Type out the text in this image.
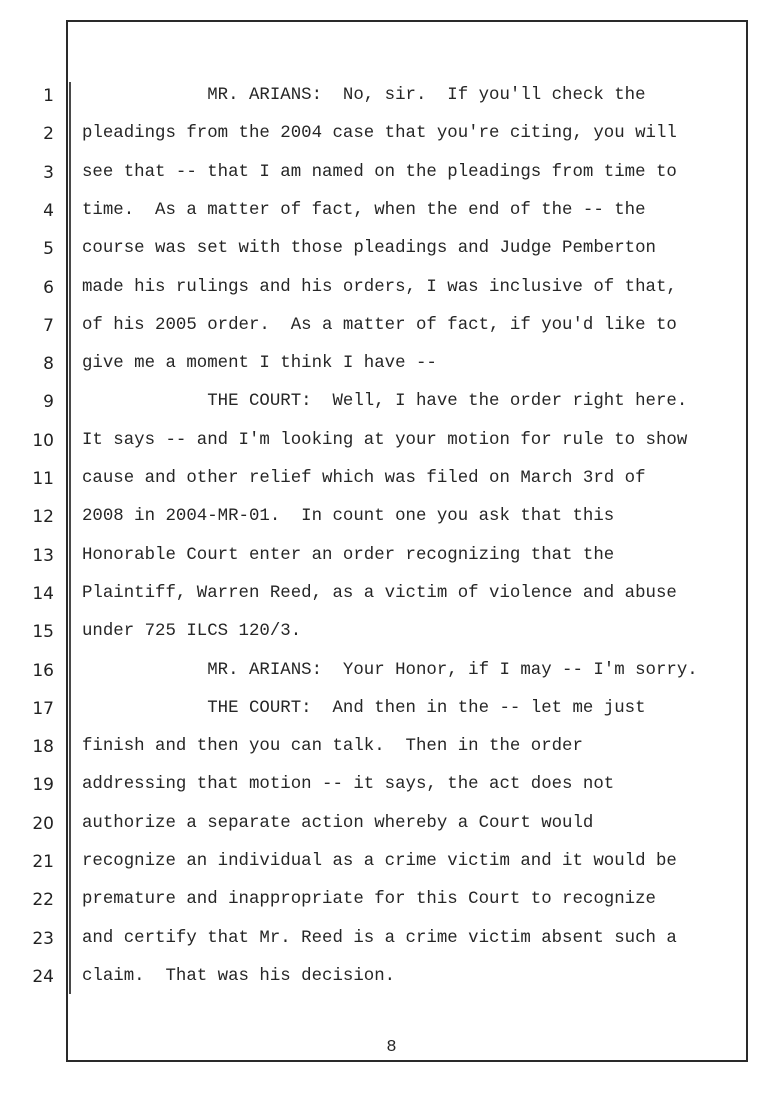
1 MR. ARIANS:  No, sir.  If you'll check the
2 pleadings from the 2004 case that you're citing, you will
3 see that -- that I am named on the pleadings from time to
4 time.  As a matter of fact, when the end of the -- the
5 course was set with those pleadings and Judge Pemberton
6 made his rulings and his orders, I was inclusive of that,
7 of his 2005 order.  As a matter of fact, if you'd like to
8 give me a moment I think I have --
9 THE COURT:  Well, I have the order right here.
10 It says -- and I'm looking at your motion for rule to show
11 cause and other relief which was filed on March 3rd of
12 2008 in 2004-MR-01.  In count one you ask that this
13 Honorable Court enter an order recognizing that the
14 Plaintiff, Warren Reed, as a victim of violence and abuse
15 under 725 ILCS 120/3.
16 MR. ARIANS:  Your Honor, if I may -- I'm sorry.
17 THE COURT:  And then in the -- let me just
18 finish and then you can talk.  Then in the order
19 addressing that motion -- it says, the act does not
20 authorize a separate action whereby a Court would
21 recognize an individual as a crime victim and it would be
22 premature and inappropriate for this Court to recognize
23 and certify that Mr. Reed is a crime victim absent such a
24 claim.  That was his decision.
8
